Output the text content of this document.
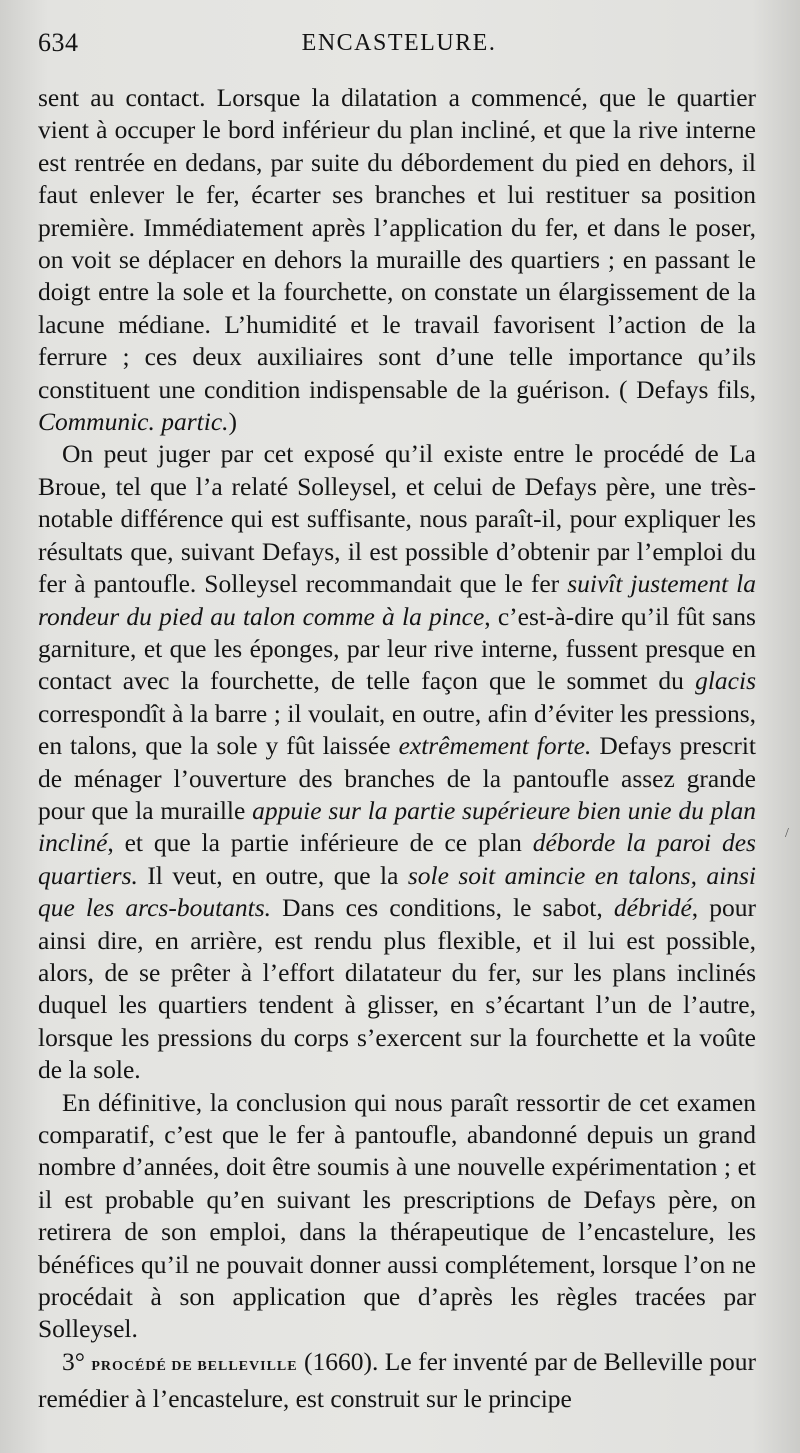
634	ENCASTELURE.

sent au contact. Lorsque la dilatation a commencé, que le quartier vient à occuper le bord inférieur du plan incliné, et que la rive interne est rentrée en dedans, par suite du débordement du pied en dehors, il faut enlever le fer, écarter ses branches et lui restituer sa position première. Immédiatement après l’application du fer, et dans le poser, on voit se déplacer en dehors la muraille des quartiers ; en passant le doigt entre la sole et la fourchette, on constate un élargissement de la lacune médiane. L’humidité et le travail favorisent l’action de la ferrure ; ces deux auxiliaires sont d’une telle importance qu’ils constituent une condition indispensable de la guérison. ( Defays fils, Communic. partic.)

On peut juger par cet exposé qu’il existe entre le procédé de La Broue, tel que l’a relaté Solleysel, et celui de Defays père, une très-notable différence qui est suffisante, nous paraît-il, pour expliquer les résultats que, suivant Defays, il est possible d’obtenir par l’emploi du fer à pantoufle. Solleysel recommandait que le fer suivît justement la rondeur du pied au talon comme à la pince, c’est-à-dire qu’il fût sans garniture, et que les éponges, par leur rive interne, fussent presque en contact avec la fourchette, de telle façon que le sommet du glacis correspondît à la barre ; il voulait, en outre, afin d’éviter les pressions, en talons, que la sole y fût laissée extrêmement forte. Defays prescrit de ménager l’ouverture des branches de la pantoufle assez grande pour que la muraille appuie sur la partie supérieure bien unie du plan incliné, et que la partie inférieure de ce plan déborde la paroi des quartiers. Il veut, en outre, que la sole soit amincie en talons, ainsi que les arcs-boutants. Dans ces conditions, le sabot, débridé, pour ainsi dire, en arrière, est rendu plus flexible, et il lui est possible, alors, de se prêter à l’effort dilatateur du fer, sur les plans inclinés duquel les quartiers tendent à glisser, en s’écartant l’un de l’autre, lorsque les pressions du corps s’exercent sur la fourchette et la voûte de la sole.

En définitive, la conclusion qui nous paraît ressortir de cet examen comparatif, c’est que le fer à pantoufle, abandonné depuis un grand nombre d’années, doit être soumis à une nouvelle expérimentation ; et il est probable qu’en suivant les prescriptions de Defays père, on retirera de son emploi, dans la thérapeutique de l’encastelure, les bénéfices qu’il ne pouvait donner aussi complétement, lorsque l’on ne procédait à son application que d’après les règles tracées par Solleysel.

3° PROCÉDÉ DE BELLEVILLE (1660). Le fer inventé par de Belleville pour remédier à l’encastelure, est construit sur le principe

/
